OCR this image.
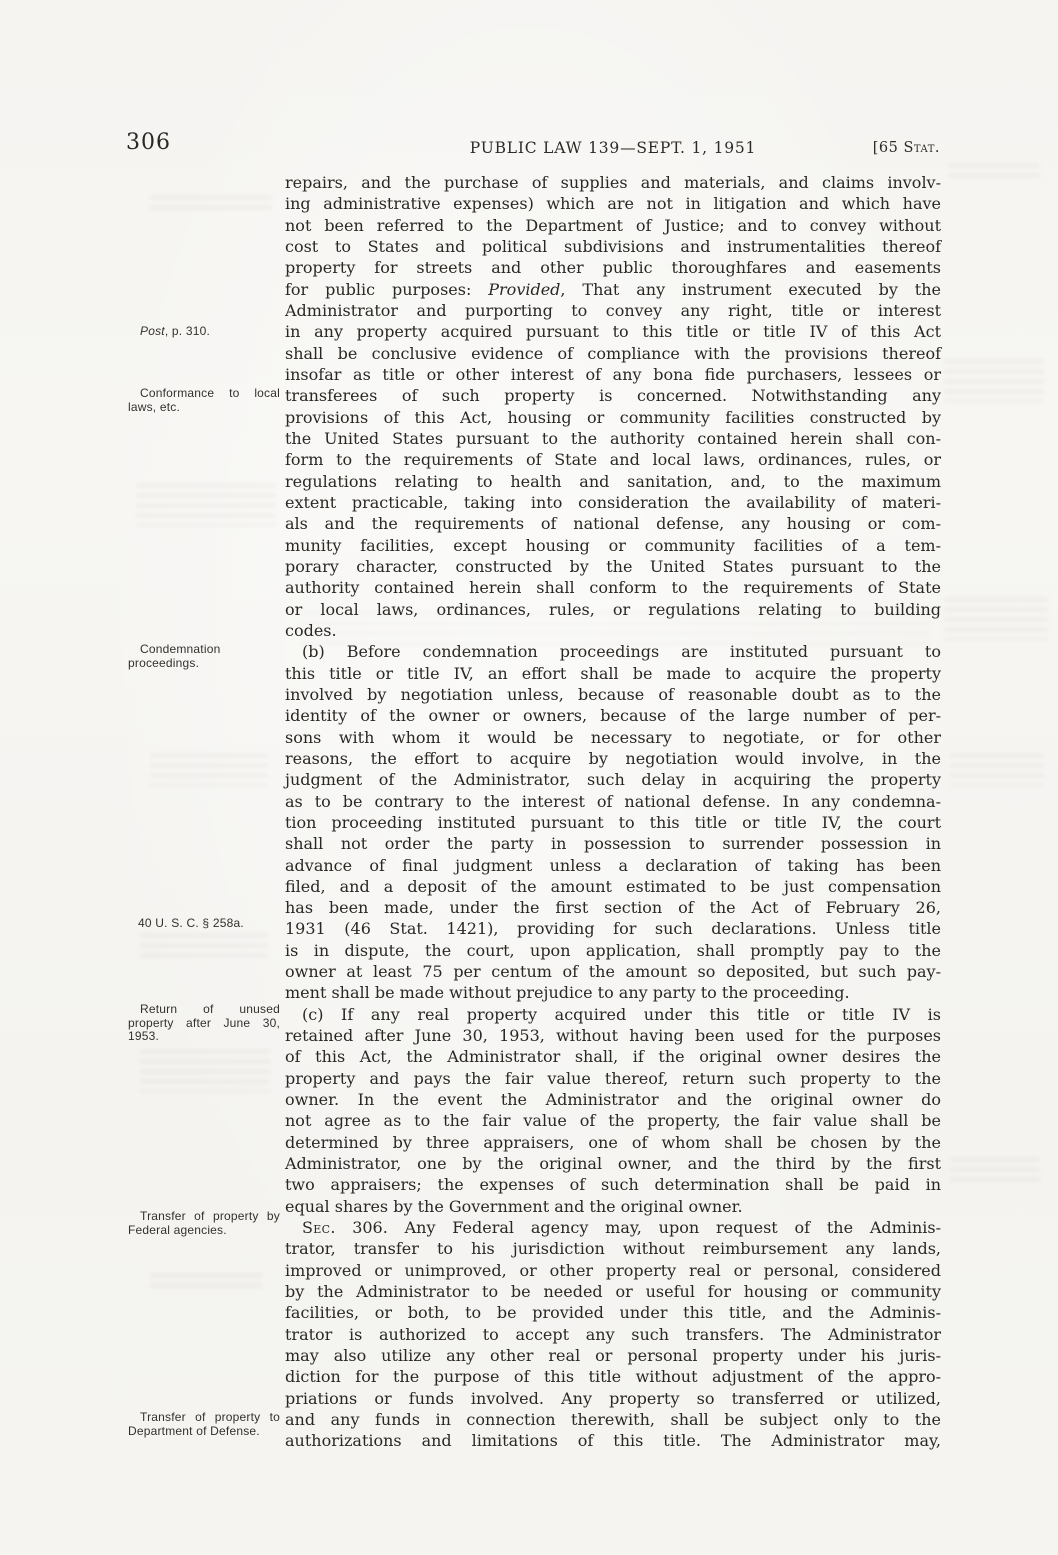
306	PUBLIC LAW 139—SEPT. 1, 1951	[65 Stat.
Post, p. 310.
Conformance to local laws, etc.
Condemnation proceedings.
40 U. S. C. § 258a.
Return of unused property after June 30, 1953.
Transfer of property by Federal agencies.
Transfer of property to Department of Defense.
repairs, and the purchase of supplies and materials, and claims involv-
ing administrative expenses) which are not in litigation and which have
not been referred to the Department of Justice; and to convey without
cost to States and political subdivisions and instrumentalities thereof
property for streets and other public thoroughfares and easements
for public purposes: Provided, That any instrument executed by the
Administrator and purporting to convey any right, title or interest
in any property acquired pursuant to this title or title IV of this Act
shall be conclusive evidence of compliance with the provisions thereof
insofar as title or other interest of any bona fide purchasers, lessees or
transferees of such property is concerned. Notwithstanding any
provisions of this Act, housing or community facilities constructed by
the United States pursuant to the authority contained herein shall con-
form to the requirements of State and local laws, ordinances, rules, or
regulations relating to health and sanitation, and, to the maximum
extent practicable, taking into consideration the availability of materi-
als and the requirements of national defense, any housing or com-
munity facilities, except housing or community facilities of a tem-
porary character, constructed by the United States pursuant to the
authority contained herein shall conform to the requirements of State
or local laws, ordinances, rules, or regulations relating to building
codes.
(b) Before condemnation proceedings are instituted pursuant to
this title or title IV, an effort shall be made to acquire the property
involved by negotiation unless, because of reasonable doubt as to the
identity of the owner or owners, because of the large number of per-
sons with whom it would be necessary to negotiate, or for other
reasons, the effort to acquire by negotiation would involve, in the
judgment of the Administrator, such delay in acquiring the property
as to be contrary to the interest of national defense. In any condemna-
tion proceeding instituted pursuant to this title or title IV, the court
shall not order the party in possession to surrender possession in
advance of final judgment unless a declaration of taking has been
filed, and a deposit of the amount estimated to be just compensation
has been made, under the first section of the Act of February 26,
1931 (46 Stat. 1421), providing for such declarations. Unless title
is in dispute, the court, upon application, shall promptly pay to the
owner at least 75 per centum of the amount so deposited, but such pay-
ment shall be made without prejudice to any party to the proceeding.
(c) If any real property acquired under this title or title IV is
retained after June 30, 1953, without having been used for the purposes
of this Act, the Administrator shall, if the original owner desires the
property and pays the fair value thereof, return such property to the
owner. In the event the Administrator and the original owner do
not agree as to the fair value of the property, the fair value shall be
determined by three appraisers, one of whom shall be chosen by the
Administrator, one by the original owner, and the third by the first
two appraisers; the expenses of such determination shall be paid in
equal shares by the Government and the original owner.
Sec. 306. Any Federal agency may, upon request of the Adminis-
trator, transfer to his jurisdiction without reimbursement any lands,
improved or unimproved, or other property real or personal, considered
by the Administrator to be needed or useful for housing or community
facilities, or both, to be provided under this title, and the Adminis-
trator is authorized to accept any such transfers. The Administrator
may also utilize any other real or personal property under his juris-
diction for the purpose of this title without adjustment of the appro-
priations or funds involved. Any property so transferred or utilized,
and any funds in connection therewith, shall be subject only to the
authorizations and limitations of this title. The Administrator may,
